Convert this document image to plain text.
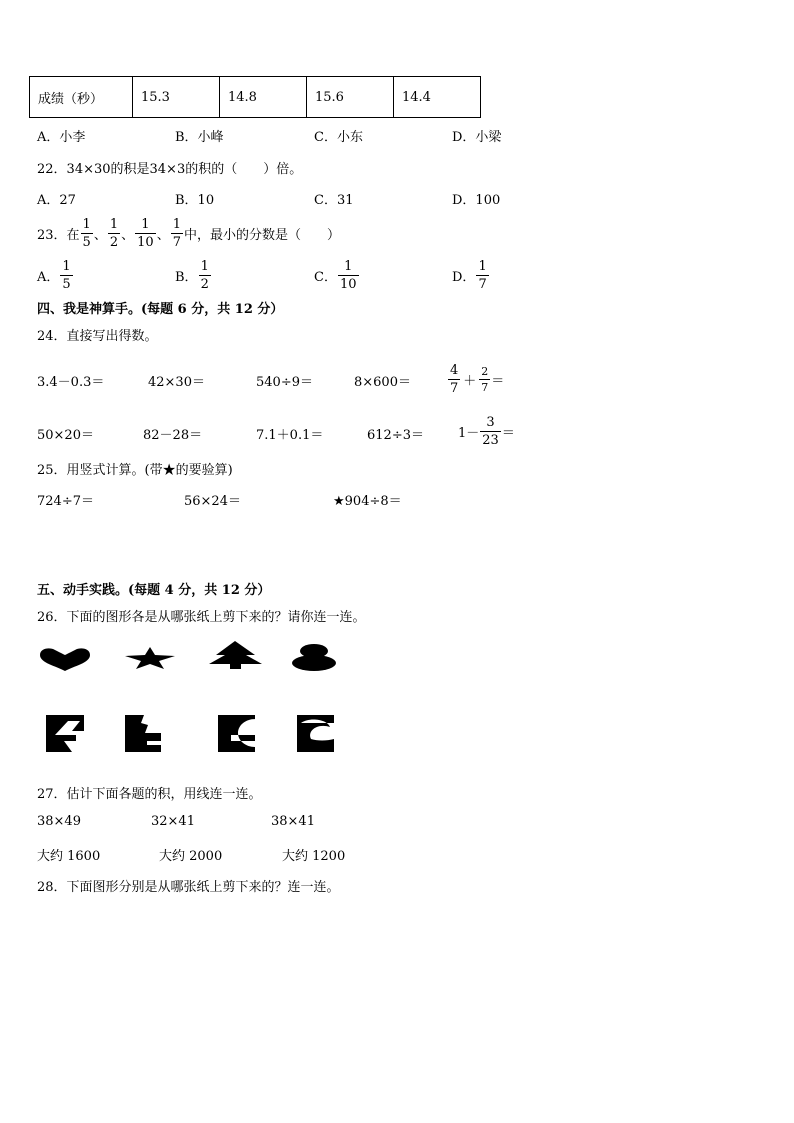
成绩（秒）	15.3	14.8	15.6	14.4
A．小李	B．小峰	C．小东	D．小梁
22．34×30的积是34×3的积的（　　）倍。
A．27	B．10	C．31	D．100
23．在 $\frac{1}{5}$ 、 $\frac{1}{2}$ 、 $\frac{1}{10}$ 、 $\frac{1}{7}$ 中，最小的分数是（　　）
A． $\frac{1}{5}$	B． $\frac{1}{2}$	C． $\frac{1}{10}$	D． $\frac{1}{7}$
四、我是神算手。(每题 6 分，共 12 分）
24．直接写出得数。
3.4－0.3＝	42×30＝	540÷9＝	8×600＝	$\frac{4}{7} + \frac{2}{7}$ ＝
50×20＝	82－28＝	7.1＋0.1＝	612÷3＝	$1- \frac{3}{23}$ ＝
25．用竖式计算。(带★的要验算)
724÷7＝	56×24＝	★904÷8＝
五、动手实践。(每题 4 分，共 12 分）
26．下面的图形各是从哪张纸上剪下来的？请你连一连。
27．估计下面各题的积，用线连一连。
38×49	32×41	38×41
大约 1600	大约 2000	大约 1200
28．下面图形分别是从哪张纸上剪下来的？连一连。
